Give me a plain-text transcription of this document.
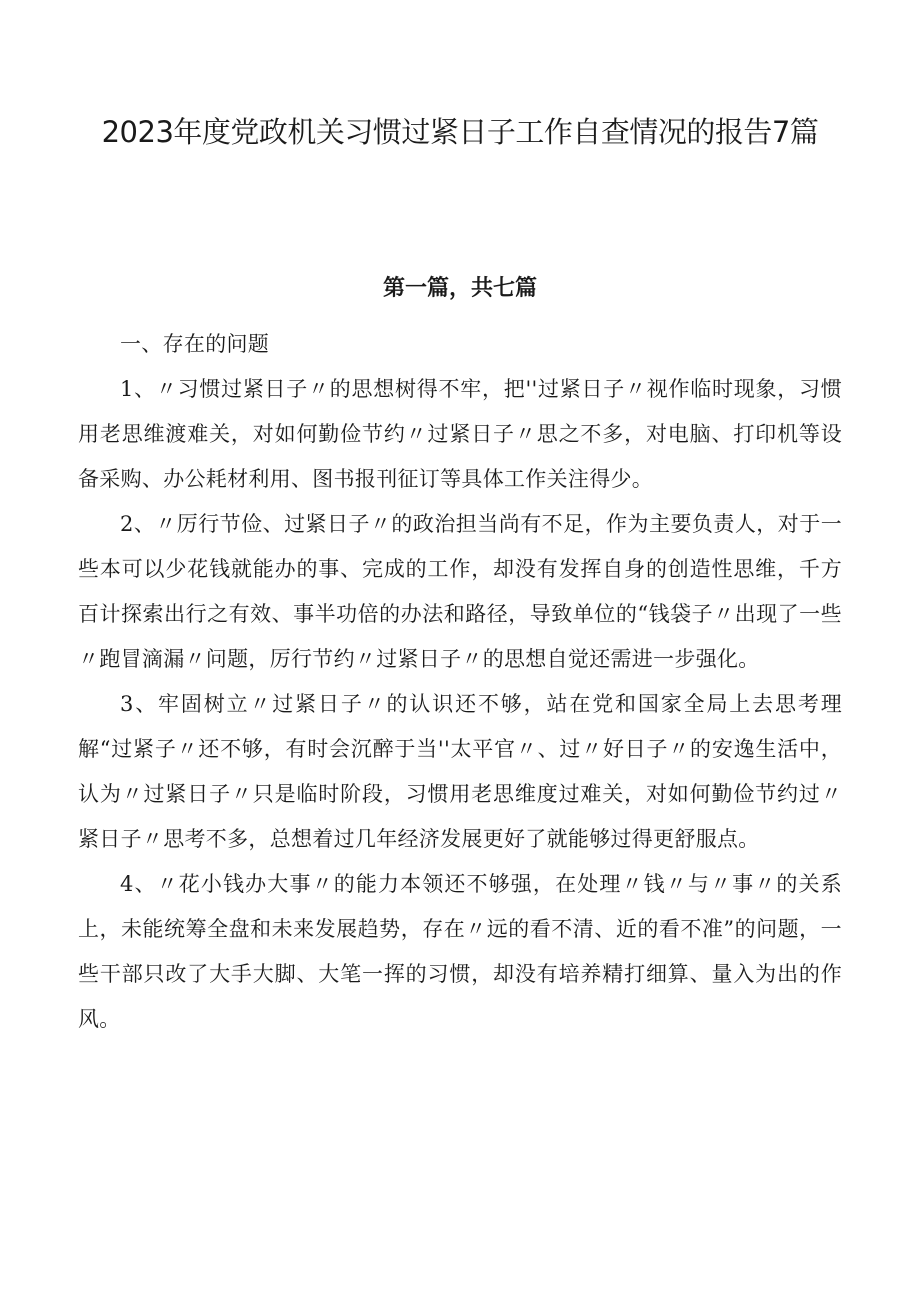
2023年度党政机关习惯过紧日子工作自查情况的报告7篇
第一篇，共七篇

一、存在的问题

1、〃习惯过紧日子〃的思想树得不牢，把''过紧日子〃视作临时现象，习惯用老思维渡难关，对如何勤俭节约〃过紧日子〃思之不多，对电脑、打印机等设备采购、办公耗材利用、图书报刊征订等具体工作关注得少。

2、〃厉行节俭、过紧日子〃的政治担当尚有不足，作为主要负责人，对于一些本可以少花钱就能办的事、完成的工作，却没有发挥自身的创造性思维，千方百计探索出行之有效、事半功倍的办法和路径，导致单位的“钱袋子〃出现了一些〃跑冒滴漏〃问题，厉行节约〃过紧日子〃的思想自觉还需进一步强化。

3、牢固树立〃过紧日子〃的认识还不够，站在党和国家全局上去思考理解“过紧子〃还不够，有时会沉醉于当''太平官〃、过〃好日子〃的安逸生活中，认为〃过紧日子〃只是临时阶段，习惯用老思维度过难关，对如何勤俭节约过〃紧日子〃思考不多，总想着过几年经济发展更好了就能够过得更舒服点。

4、〃花小钱办大事〃的能力本领还不够强，在处理〃钱〃与〃事〃的关系上，未能统筹全盘和未来发展趋势，存在〃远的看不清、近的看不准”的问题，一些干部只改了大手大脚、大笔一挥的习惯，却没有培养精打细算、量入为出的作风。
